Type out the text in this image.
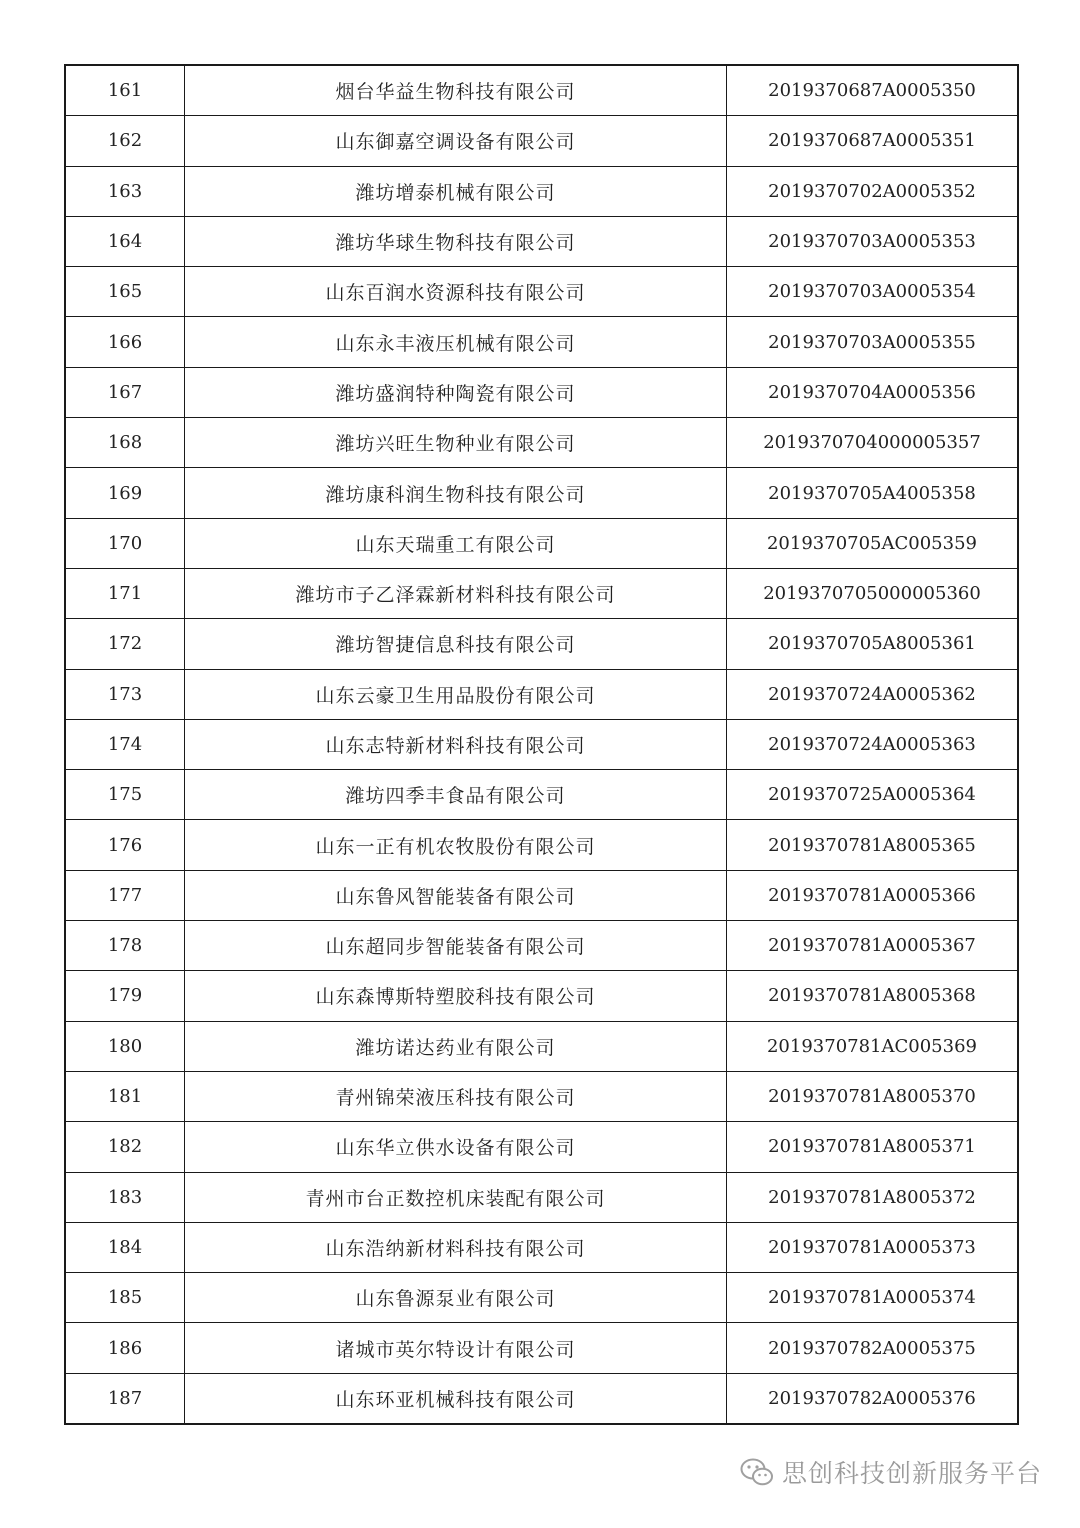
161	烟台华益生物科技有限公司	2019370687A0005350
162	山东御嘉空调设备有限公司	2019370687A0005351
163	潍坊增泰机械有限公司	2019370702A0005352
164	潍坊华球生物科技有限公司	2019370703A0005353
165	山东百润水资源科技有限公司	2019370703A0005354
166	山东永丰液压机械有限公司	2019370703A0005355
167	潍坊盛润特种陶瓷有限公司	2019370704A0005356
168	潍坊兴旺生物种业有限公司	2019370704000005357
169	潍坊康科润生物科技有限公司	2019370705A4005358
170	山东天瑞重工有限公司	2019370705AC005359
171	潍坊市子乙泽霖新材料科技有限公司	2019370705000005360
172	潍坊智捷信息科技有限公司	2019370705A8005361
173	山东云豪卫生用品股份有限公司	2019370724A0005362
174	山东志特新材料科技有限公司	2019370724A0005363
175	潍坊四季丰食品有限公司	2019370725A0005364
176	山东一正有机农牧股份有限公司	2019370781A8005365
177	山东鲁风智能装备有限公司	2019370781A0005366
178	山东超同步智能装备有限公司	2019370781A0005367
179	山东森博斯特塑胶科技有限公司	2019370781A8005368
180	潍坊诺达药业有限公司	2019370781AC005369
181	青州锦荣液压科技有限公司	2019370781A8005370
182	山东华立供水设备有限公司	2019370781A8005371
183	青州市台正数控机床装配有限公司	2019370781A8005372
184	山东浩纳新材料科技有限公司	2019370781A0005373
185	山东鲁源泵业有限公司	2019370781A0005374
186	诸城市英尔特设计有限公司	2019370782A0005375
187	山东环亚机械科技有限公司	2019370782A0005376
思创科技创新服务平台
